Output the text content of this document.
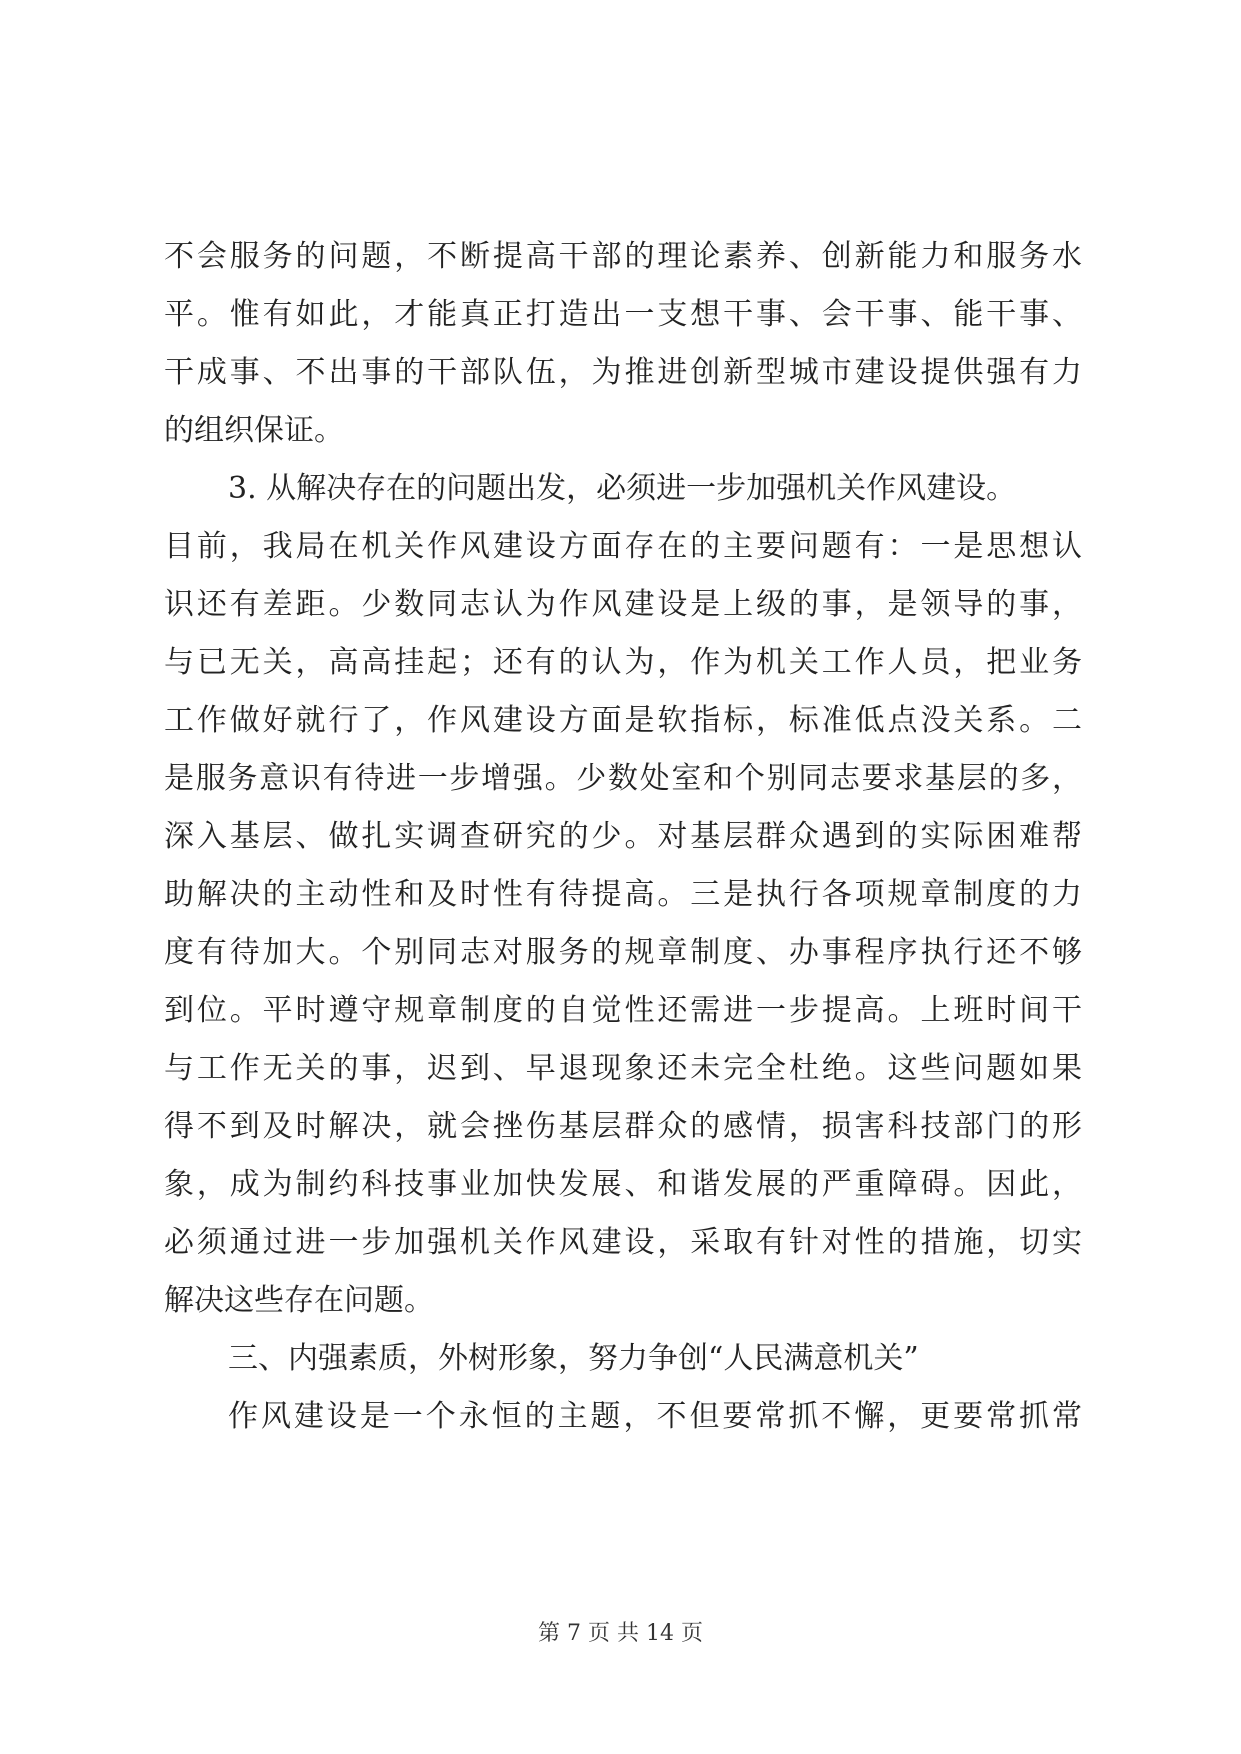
不会服务的问题，不断提高干部的理论素养、创新能力和服务水
平。惟有如此，才能真正打造出一支想干事、会干事、能干事、
干成事、不出事的干部队伍，为推进创新型城市建设提供强有力
的组织保证。
3. 从解决存在的问题出发，必须进一步加强机关作风建设。
目前，我局在机关作风建设方面存在的主要问题有：一是思想认
识还有差距。少数同志认为作风建设是上级的事，是领导的事，
与已无关，高高挂起；还有的认为，作为机关工作人员，把业务
工作做好就行了，作风建设方面是软指标，标准低点没关系。二
是服务意识有待进一步增强。少数处室和个别同志要求基层的多，
深入基层、做扎实调查研究的少。对基层群众遇到的实际困难帮
助解决的主动性和及时性有待提高。三是执行各项规章制度的力
度有待加大。个别同志对服务的规章制度、办事程序执行还不够
到位。平时遵守规章制度的自觉性还需进一步提高。上班时间干
与工作无关的事，迟到、早退现象还未完全杜绝。这些问题如果
得不到及时解决，就会挫伤基层群众的感情，损害科技部门的形
象，成为制约科技事业加快发展、和谐发展的严重障碍。因此，
必须通过进一步加强机关作风建设，采取有针对性的措施，切实
解决这些存在问题。
三、内强素质，外树形象，努力争创“人民满意机关”
作风建设是一个永恒的主题，不但要常抓不懈，更要常抓常
第 7 页 共 14 页
